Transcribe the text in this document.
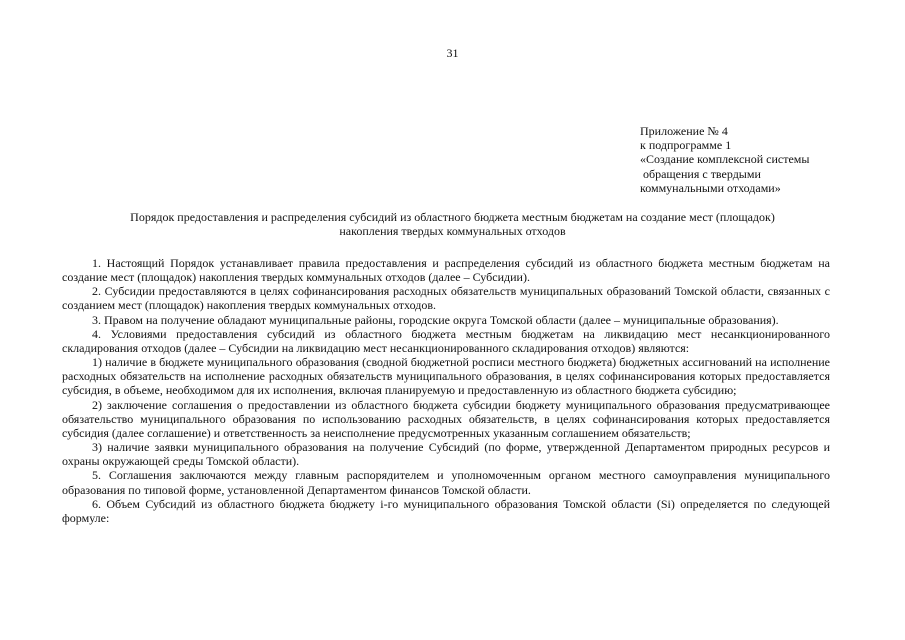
31
Приложение № 4
к подпрограмме 1
«Создание комплексной системы
обращения с твердыми
коммунальными отходами»
Порядок предоставления и распределения субсидий из областного бюджета местным бюджетам на создание мест (площадок)
накопления твердых коммунальных отходов

1. Настоящий Порядок устанавливает правила предоставления и распределения субсидий из областного бюджета местным бюджетам на создание мест (площадок) накопления твердых коммунальных отходов (далее – Субсидии).

2. Субсидии предоставляются в целях софинансирования расходных обязательств муниципальных образований Томской области, связанных с созданием мест (площадок) накопления твердых коммунальных отходов.

3. Правом на получение обладают муниципальные районы, городские округа Томской области (далее – муниципальные образования).

4. Условиями предоставления субсидий из областного бюджета местным бюджетам на ликвидацию мест несанкционированного складирования отходов (далее – Субсидии на ликвидацию мест несанкционированного складирования отходов) являются:

1) наличие в бюджете муниципального образования (сводной бюджетной росписи местного бюджета) бюджетных ассигнований на исполнение расходных обязательств на исполнение расходных обязательств муниципального образования, в целях софинансирования которых предоставляется субсидия, в объеме, необходимом для их исполнения, включая планируемую и предоставленную из областного бюджета субсидию;

2) заключение соглашения о предоставлении из областного бюджета субсидии бюджету муниципального образования предусматривающее обязательство муниципального образования по использованию расходных обязательств, в целях софинансирования которых предоставляется субсидия (далее соглашение) и ответственность за неисполнение предусмотренных указанным соглашением обязательств;

3) наличие заявки муниципального образования на получение Субсидий (по форме, утвержденной Департаментом природных ресурсов и охраны окружающей среды Томской области).

5. Соглашения заключаются между главным распорядителем и уполномоченным органом местного самоуправления муниципального образования по типовой форме, установленной Департаментом финансов Томской области.

6. Объем Субсидий из областного бюджета бюджету i-го муниципального образования Томской области (Si) определяется по следующей формуле:
